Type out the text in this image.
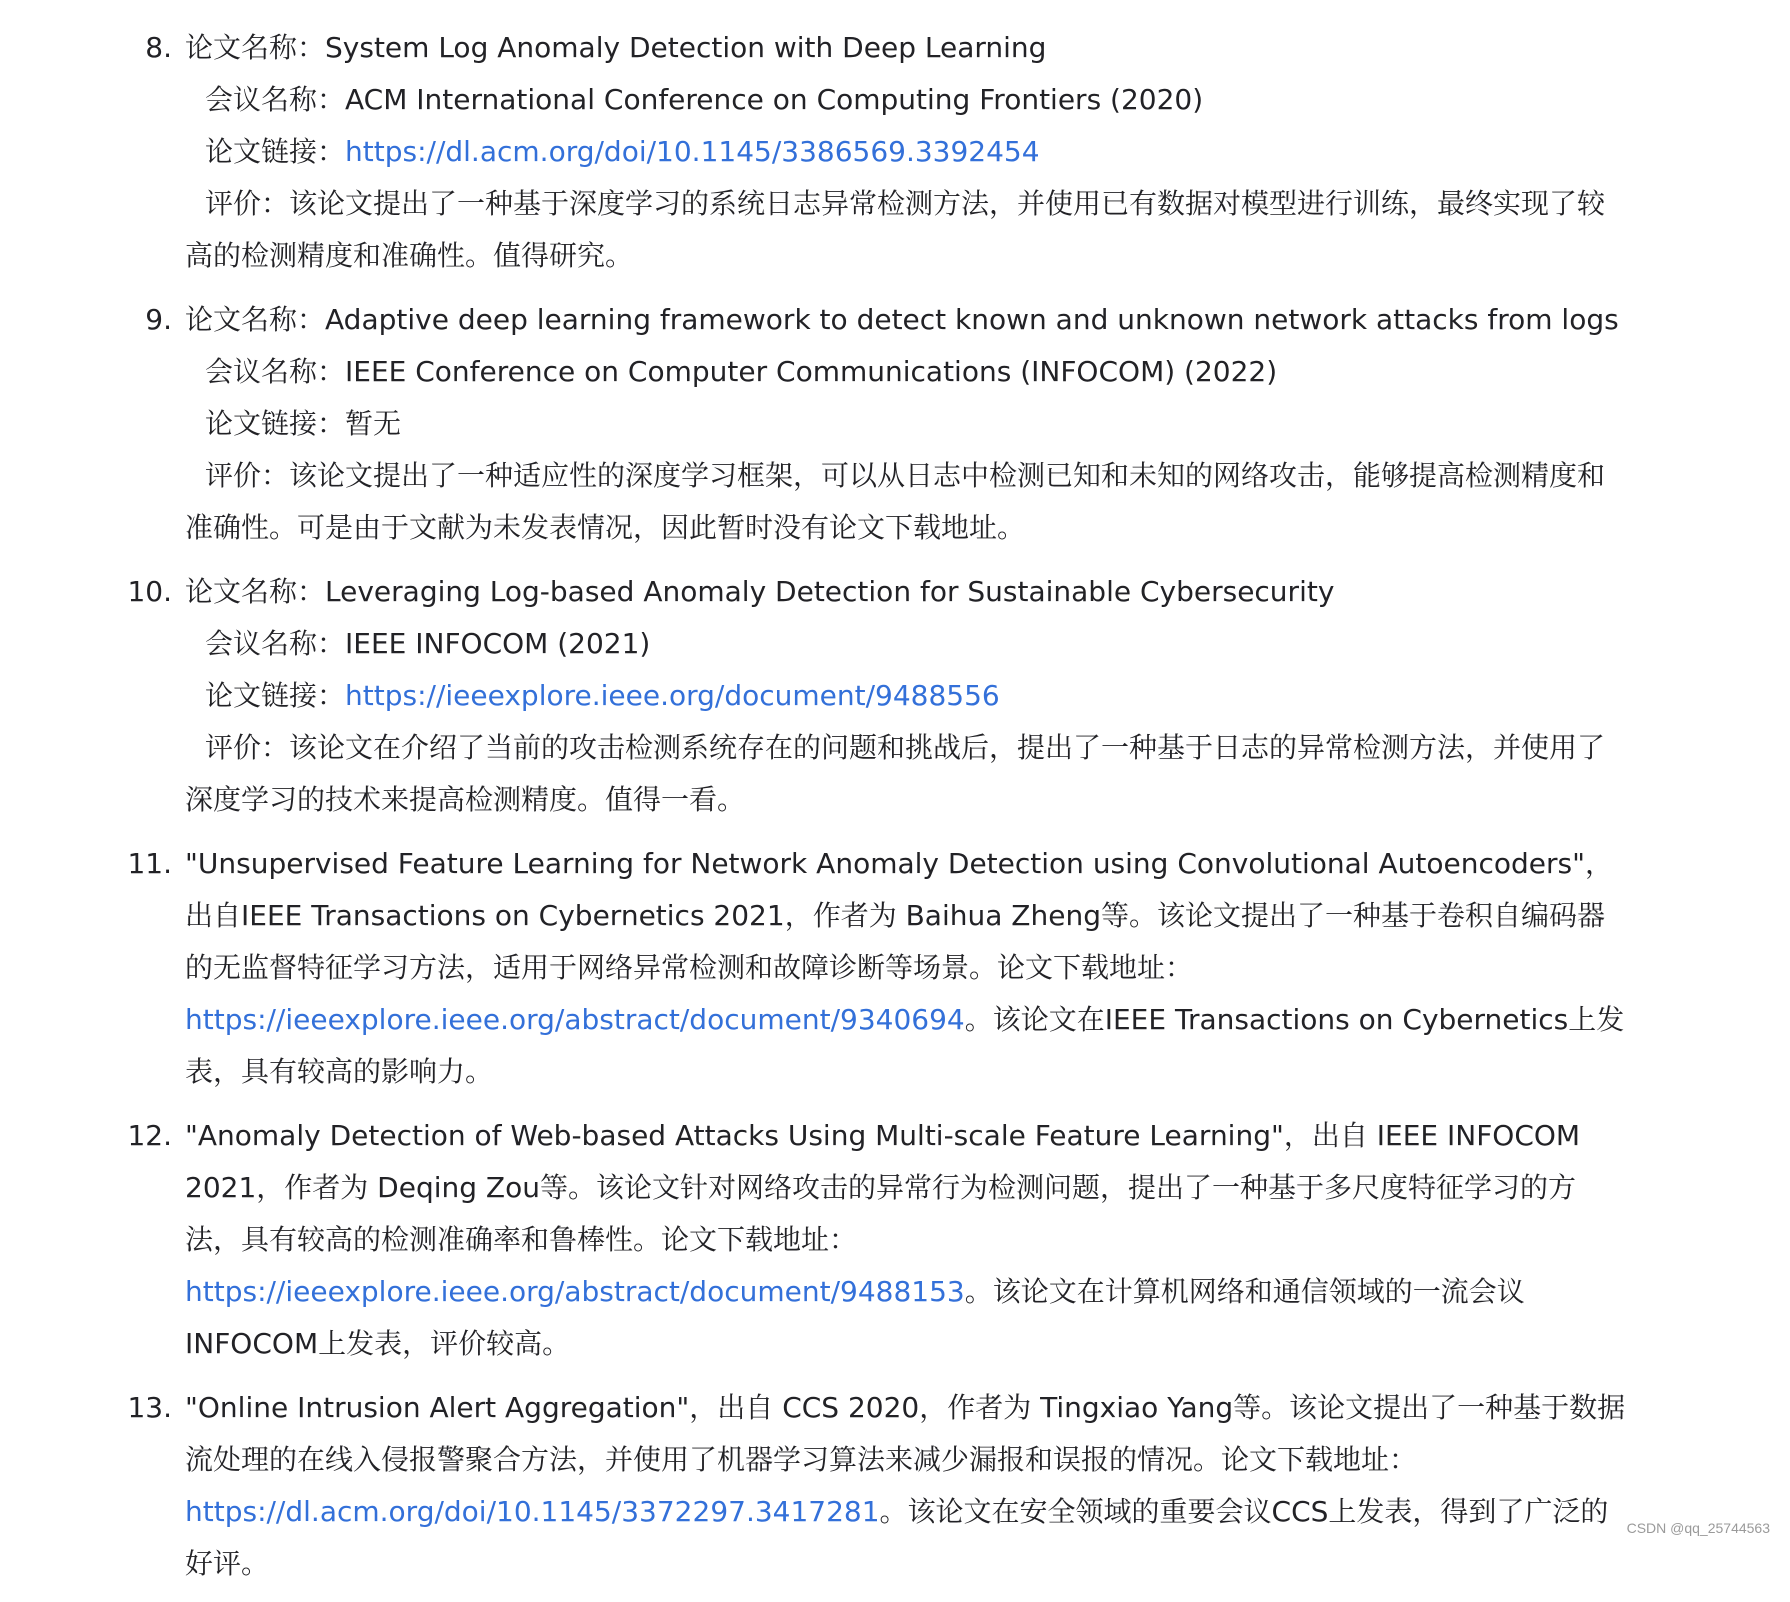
8. 论文名称：System Log Anomaly Detection with Deep Learning
会议名称：ACM International Conference on Computing Frontiers (2020)
论文链接：https://dl.acm.org/doi/10.1145/3386569.3392454
评价：该论文提出了一种基于深度学习的系统日志异常检测方法，并使用已有数据对模型进行训练，最终实现了较高的检测精度和准确性。值得研究。
9. 论文名称：Adaptive deep learning framework to detect known and unknown network attacks from logs
会议名称：IEEE Conference on Computer Communications (INFOCOM) (2022)
论文链接：暂无
评价：该论文提出了一种适应性的深度学习框架，可以从日志中检测已知和未知的网络攻击，能够提高检测精度和准确性。可是由于文献为未发表情况，因此暂时没有论文下载地址。
10. 论文名称：Leveraging Log-based Anomaly Detection for Sustainable Cybersecurity
会议名称：IEEE INFOCOM (2021)
论文链接：https://ieeexplore.ieee.org/document/9488556
评价：该论文在介绍了当前的攻击检测系统存在的问题和挑战后，提出了一种基于日志的异常检测方法，并使用了深度学习的技术来提高检测精度。值得一看。
11. "Unsupervised Feature Learning for Network Anomaly Detection using Convolutional Autoencoders"，出自IEEE Transactions on Cybernetics 2021，作者为 Baihua Zheng等。该论文提出了一种基于卷积自编码器的无监督特征学习方法，适用于网络异常检测和故障诊断等场景。论文下载地址：https://ieeexplore.ieee.org/abstract/document/9340694。该论文在IEEE Transactions on Cybernetics上发表，具有较高的影响力。
12. "Anomaly Detection of Web-based Attacks Using Multi-scale Feature Learning"，出自 IEEE INFOCOM 2021，作者为 Deqing Zou等。该论文针对网络攻击的异常行为检测问题，提出了一种基于多尺度特征学习的方法，具有较高的检测准确率和鲁棒性。论文下载地址：https://ieeexplore.ieee.org/abstract/document/9488153。该论文在计算机网络和通信领域的一流会议INFOCOM上发表，评价较高。
13. "Online Intrusion Alert Aggregation"，出自 CCS 2020，作者为 Tingxiao Yang等。该论文提出了一种基于数据流处理的在线入侵报警聚合方法，并使用了机器学习算法来减少漏报和误报的情况。论文下载地址：https://dl.acm.org/doi/10.1145/3372297.3417281。该论文在安全领域的重要会议CCS上发表，得到了广泛的好评。
CSDN @qq_25744563
